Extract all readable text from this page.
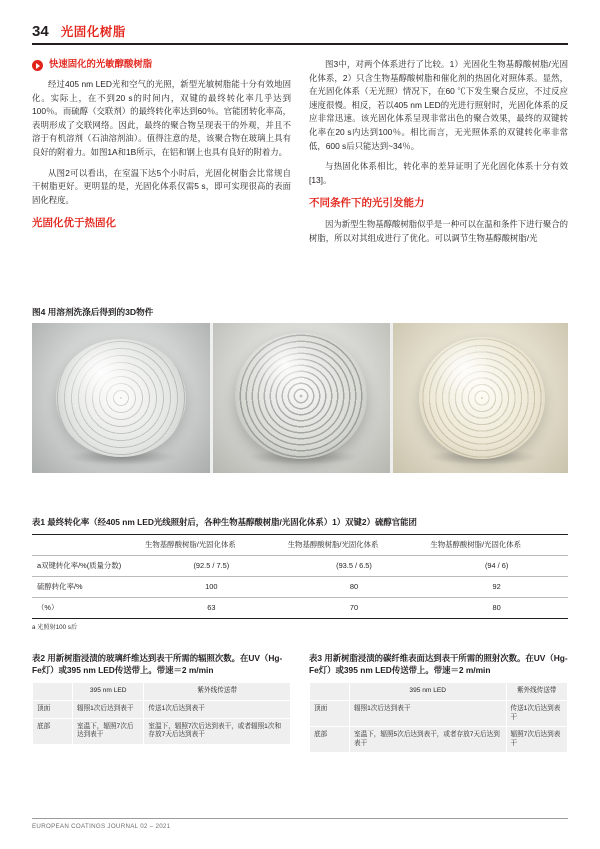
34 光固化树脂
快速固化的光敏醇酸树脂

经过405 nm LED光和空气的光照，新型光敏树脂能十分有效地固化。实际上，在不到20 s的时间内，双键的最终转化率几乎达到100％。而硫醇（交联剂）的最终转化率达到60％。官能团转化率高，表明形成了交联网络。因此，最终的聚合物呈现表干的外观，并且不溶于有机溶剂（石油溶剂油）。值得注意的是，该聚合物在玻璃上具有良好的附着力。如图1A和1B所示，在铝和钢上也具有良好的附着力。

从图2可以看出，在室温下达5个小时后，光固化树脂会比常规自干树脂更好。更明显的是，光固化体系仅需5 s，即可实现很高的表面固化程度。

光固化优于热固化

图3中，对两个体系进行了比较。1）光固化生物基醇酸树脂/光固化体系，2）只含生物基醇酸树脂和催化剂的热固化对照体系。显然，在光固化体系（无光照）情况下，在60 ℃下发生聚合反应，不过反应速度很慢。相反，若以405 nm LED的光进行照射时，光固化体系的反应非常迅速。该光固化体系呈现非常出色的聚合效果，最终的双键转化率在20 s内达到100％。相比而言，无光照体系的双键转化率非常低，600 s后只能达到~34％。

与热固化体系相比，转化率的差异证明了光化固化体系十分有效[13]。

不同条件下的光引发能力

因为新型生物基醇酸树脂似乎是一种可以在温和条件下进行聚合的树脂，所以对其组成进行了优化。可以调节生物基醇酸树脂/光

图4 用溶剂洗涤后得到的3D物件
表1 最终转化率（经405 nm LED光线照射后，各种生物基醇酸树脂/光固化体系）1）双键2）硫醇官能团
	生物基醇酸树脂/光固化体系	生物基醇酸树脂/光固化体系	生物基醇酸树脂/光固化体系
a双键转化率/%(质量分数)	(92.5 / 7.5)	(93.5 / 6.5)	(94 / 6)
硫醇转化率/%	100	80	92
（%）	63	70	80
a 光照射100 s后
表2 用新树脂浸渍的玻璃纤维达到表干所需的辐照次数。在UV（Hg-Fe灯）或395 nm LED传送带上。带速＝2 m/min
	395 nm LED	紫外线传送带
顶面	辐照1次后达到表干	传送1次后达到表干
底部	室温下，辐照7次后达到表干	室温下，辐照7次后达到表干，或者辐照1次和存放7天后达到表干
表3 用新树脂浸渍的碳纤维表面达到表干所需的照射次数。在UV（Hg-Fe灯）或395 nm LED传送带上。带速＝2 m/min
	395 nm LED	紫外线传送带
顶面	辐照1次后达到表干	传送1次后达到表干
底部	室温下，辐照5次后达到表干，或者存放7天后达到表干	辐照7次后达到表干
EUROPEAN COATINGS JOURNAL 02 – 2021
